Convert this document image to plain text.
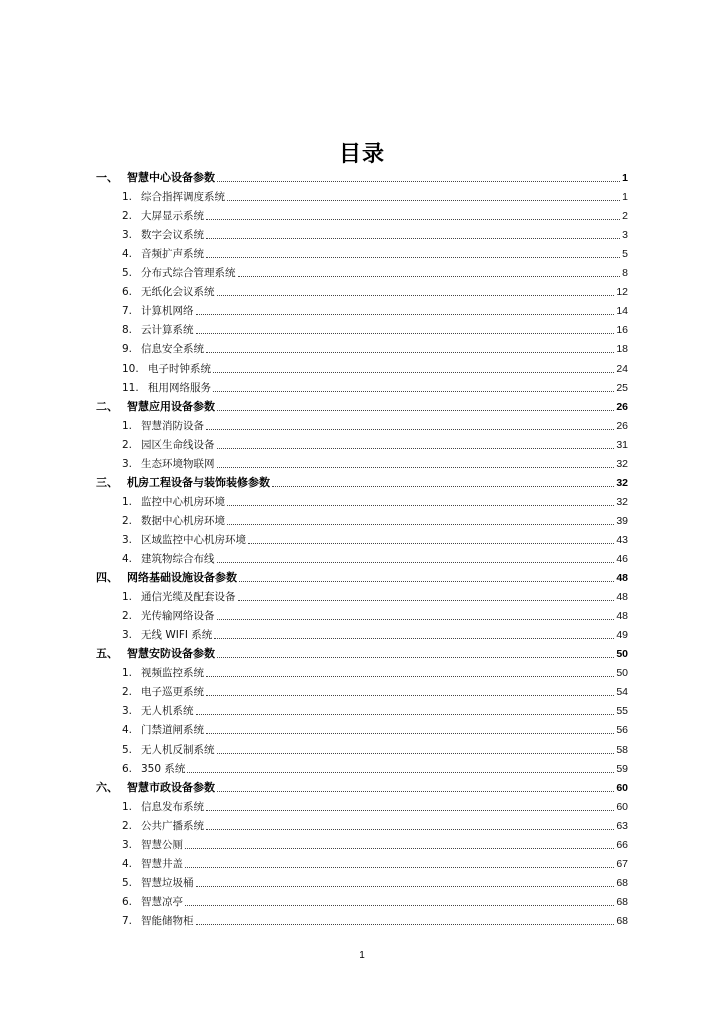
目录
一、 智慧中心设备参数	1
1. 综合指挥调度系统	1
2. 大屏显示系统	2
3. 数字会议系统	3
4. 音频扩声系统	5
5. 分布式综合管理系统	8
6. 无纸化会议系统	12
7. 计算机网络	14
8. 云计算系统	16
9. 信息安全系统	18
10. 电子时钟系统	24
11. 租用网络服务	25
二、 智慧应用设备参数	26
1. 智慧消防设备	26
2. 园区生命线设备	31
3. 生态环境物联网	32
三、 机房工程设备与装饰装修参数	32
1. 监控中心机房环境	32
2. 数据中心机房环境	39
3. 区域监控中心机房环境	43
4. 建筑物综合布线	46
四、 网络基础设施设备参数	48
1. 通信光缆及配套设备	48
2. 光传输网络设备	48
3. 无线 WIFI 系统	49
五、 智慧安防设备参数	50
1. 视频监控系统	50
2. 电子巡更系统	54
3. 无人机系统	55
4. 门禁道闸系统	56
5. 无人机反制系统	58
6. 350 系统	59
六、 智慧市政设备参数	60
1. 信息发布系统	60
2. 公共广播系统	63
3. 智慧公厕	66
4. 智慧井盖	67
5. 智慧垃圾桶	68
6. 智慧凉亭	68
7. 智能储物柜	68
1
